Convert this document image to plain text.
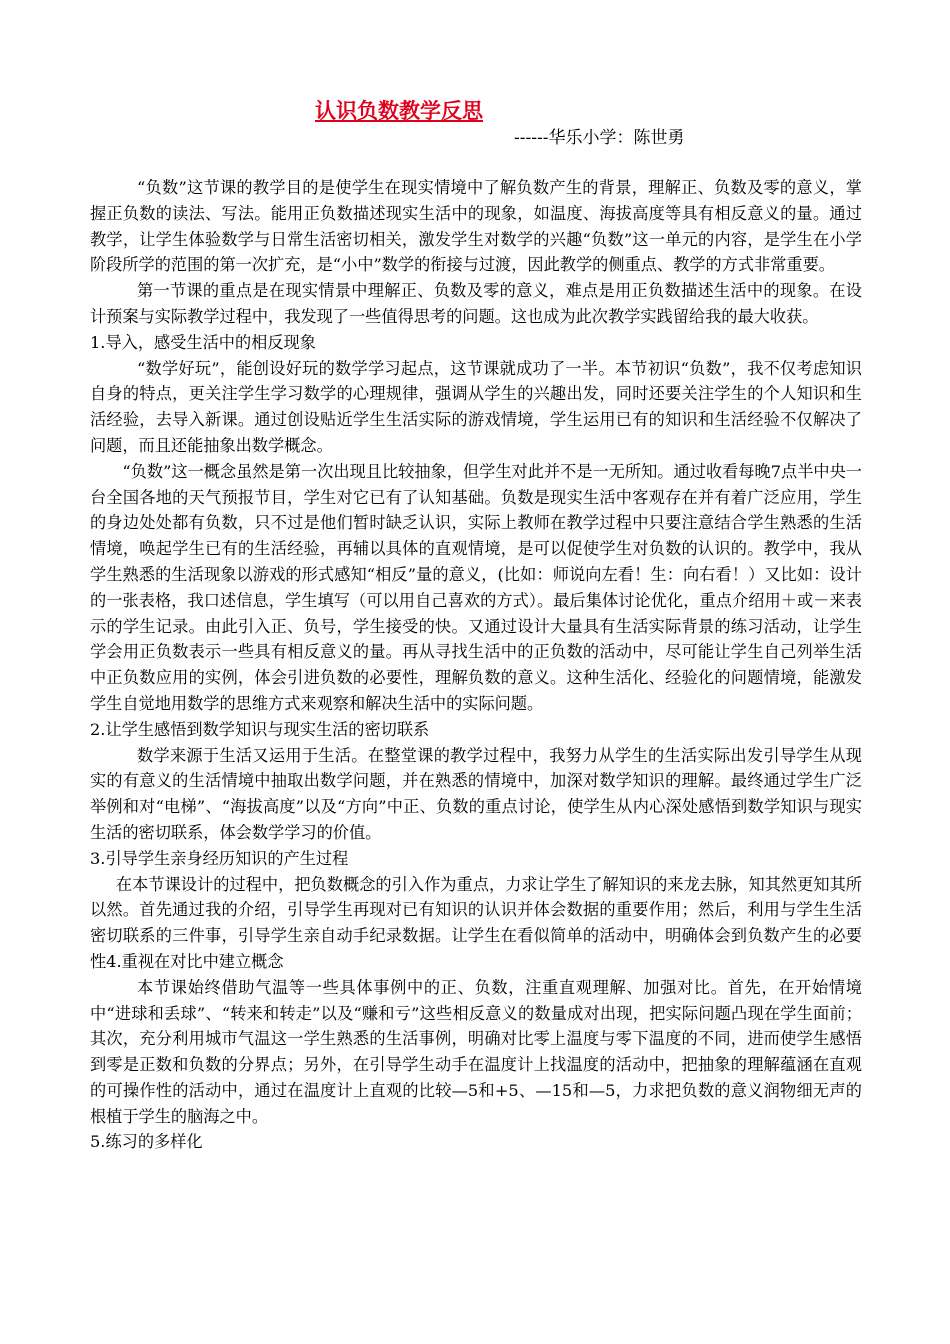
认识负数教学反思
------华乐小学：陈世勇

“负数”这节课的教学目的是使学生在现实情境中了解负数产生的背景，理解正、负数及零的意义，掌握正负数的读法、写法。能用正负数描述现实生活中的现象，如温度、海拔高度等具有相反意义的量。通过教学，让学生体验数学与日常生活密切相关，激发学生对数学的兴趣“负数”这一单元的内容，是学生在小学阶段所学的范围的第一次扩充，是“小中”数学的衔接与过渡，因此教学的侧重点、教学的方式非常重要。

第一节课的重点是在现实情景中理解正、负数及零的意义，难点是用正负数描述生活中的现象。在设计预案与实际教学过程中，我发现了一些值得思考的问题。这也成为此次教学实践留给我的最大收获。

1.导入，感受生活中的相反现象

“数学好玩”，能创设好玩的数学学习起点，这节课就成功了一半。本节初识“负数”，我不仅考虑知识自身的特点，更关注学生学习数学的心理规律，强调从学生的兴趣出发，同时还要关注学生的个人知识和生活经验，去导入新课。通过创设贴近学生生活实际的游戏情境，学生运用已有的知识和生活经验不仅解决了问题，而且还能抽象出数学概念。

“负数”这一概念虽然是第一次出现且比较抽象，但学生对此并不是一无所知。通过收看每晚7点半中央一台全国各地的天气预报节目，学生对它已有了认知基础。负数是现实生活中客观存在并有着广泛应用，学生的身边处处都有负数，只不过是他们暂时缺乏认识，实际上教师在教学过程中只要注意结合学生熟悉的生活情境，唤起学生已有的生活经验，再辅以具体的直观情境，是可以促使学生对负数的认识的。教学中，我从学生熟悉的生活现象以游戏的形式感知“相反”量的意义，(比如：师说向左看！生：向右看！）又比如：设计的一张表格，我口述信息，学生填写（可以用自己喜欢的方式）。最后集体讨论优化，重点介绍用＋或－来表示的学生记录。由此引入正、负号，学生接受的快。又通过设计大量具有生活实际背景的练习活动，让学生学会用正负数表示一些具有相反意义的量。再从寻找生活中的正负数的活动中，尽可能让学生自己列举生活中正负数应用的实例，体会引进负数的必要性，理解负数的意义。这种生活化、经验化的问题情境，能激发学生自觉地用数学的思维方式来观察和解决生活中的实际问题。

2.让学生感悟到数学知识与现实生活的密切联系

数学来源于生活又运用于生活。在整堂课的教学过程中，我努力从学生的生活实际出发引导学生从现实的有意义的生活情境中抽取出数学问题，并在熟悉的情境中，加深对数学知识的理解。最终通过学生广泛举例和对“电梯”、“海拔高度”以及“方向”中正、负数的重点讨论，使学生从内心深处感悟到数学知识与现实生活的密切联系，体会数学学习的价值。

3.引导学生亲身经历知识的产生过程

在本节课设计的过程中，把负数概念的引入作为重点，力求让学生了解知识的来龙去脉，知其然更知其所以然。首先通过我的介绍，引导学生再现对已有知识的认识并体会数据的重要作用；然后，利用与学生生活密切联系的三件事，引导学生亲自动手纪录数据。让学生在看似简单的活动中，明确体会到负数产生的必要性4.重视在对比中建立概念

本节课始终借助气温等一些具体事例中的正、负数，注重直观理解、加强对比。首先，在开始情境中“进球和丢球”、“转来和转走”以及“赚和亏”这些相反意义的数量成对出现，把实际问题凸现在学生面前；其次，充分利用城市气温这一学生熟悉的生活事例，明确对比零上温度与零下温度的不同，进而使学生感悟到零是正数和负数的分界点；另外，在引导学生动手在温度计上找温度的活动中，把抽象的理解蕴涵在直观的可操作性的活动中，通过在温度计上直观的比较—5和+5、—15和—5，力求把负数的意义润物细无声的根植于学生的脑海之中。

5.练习的多样化
